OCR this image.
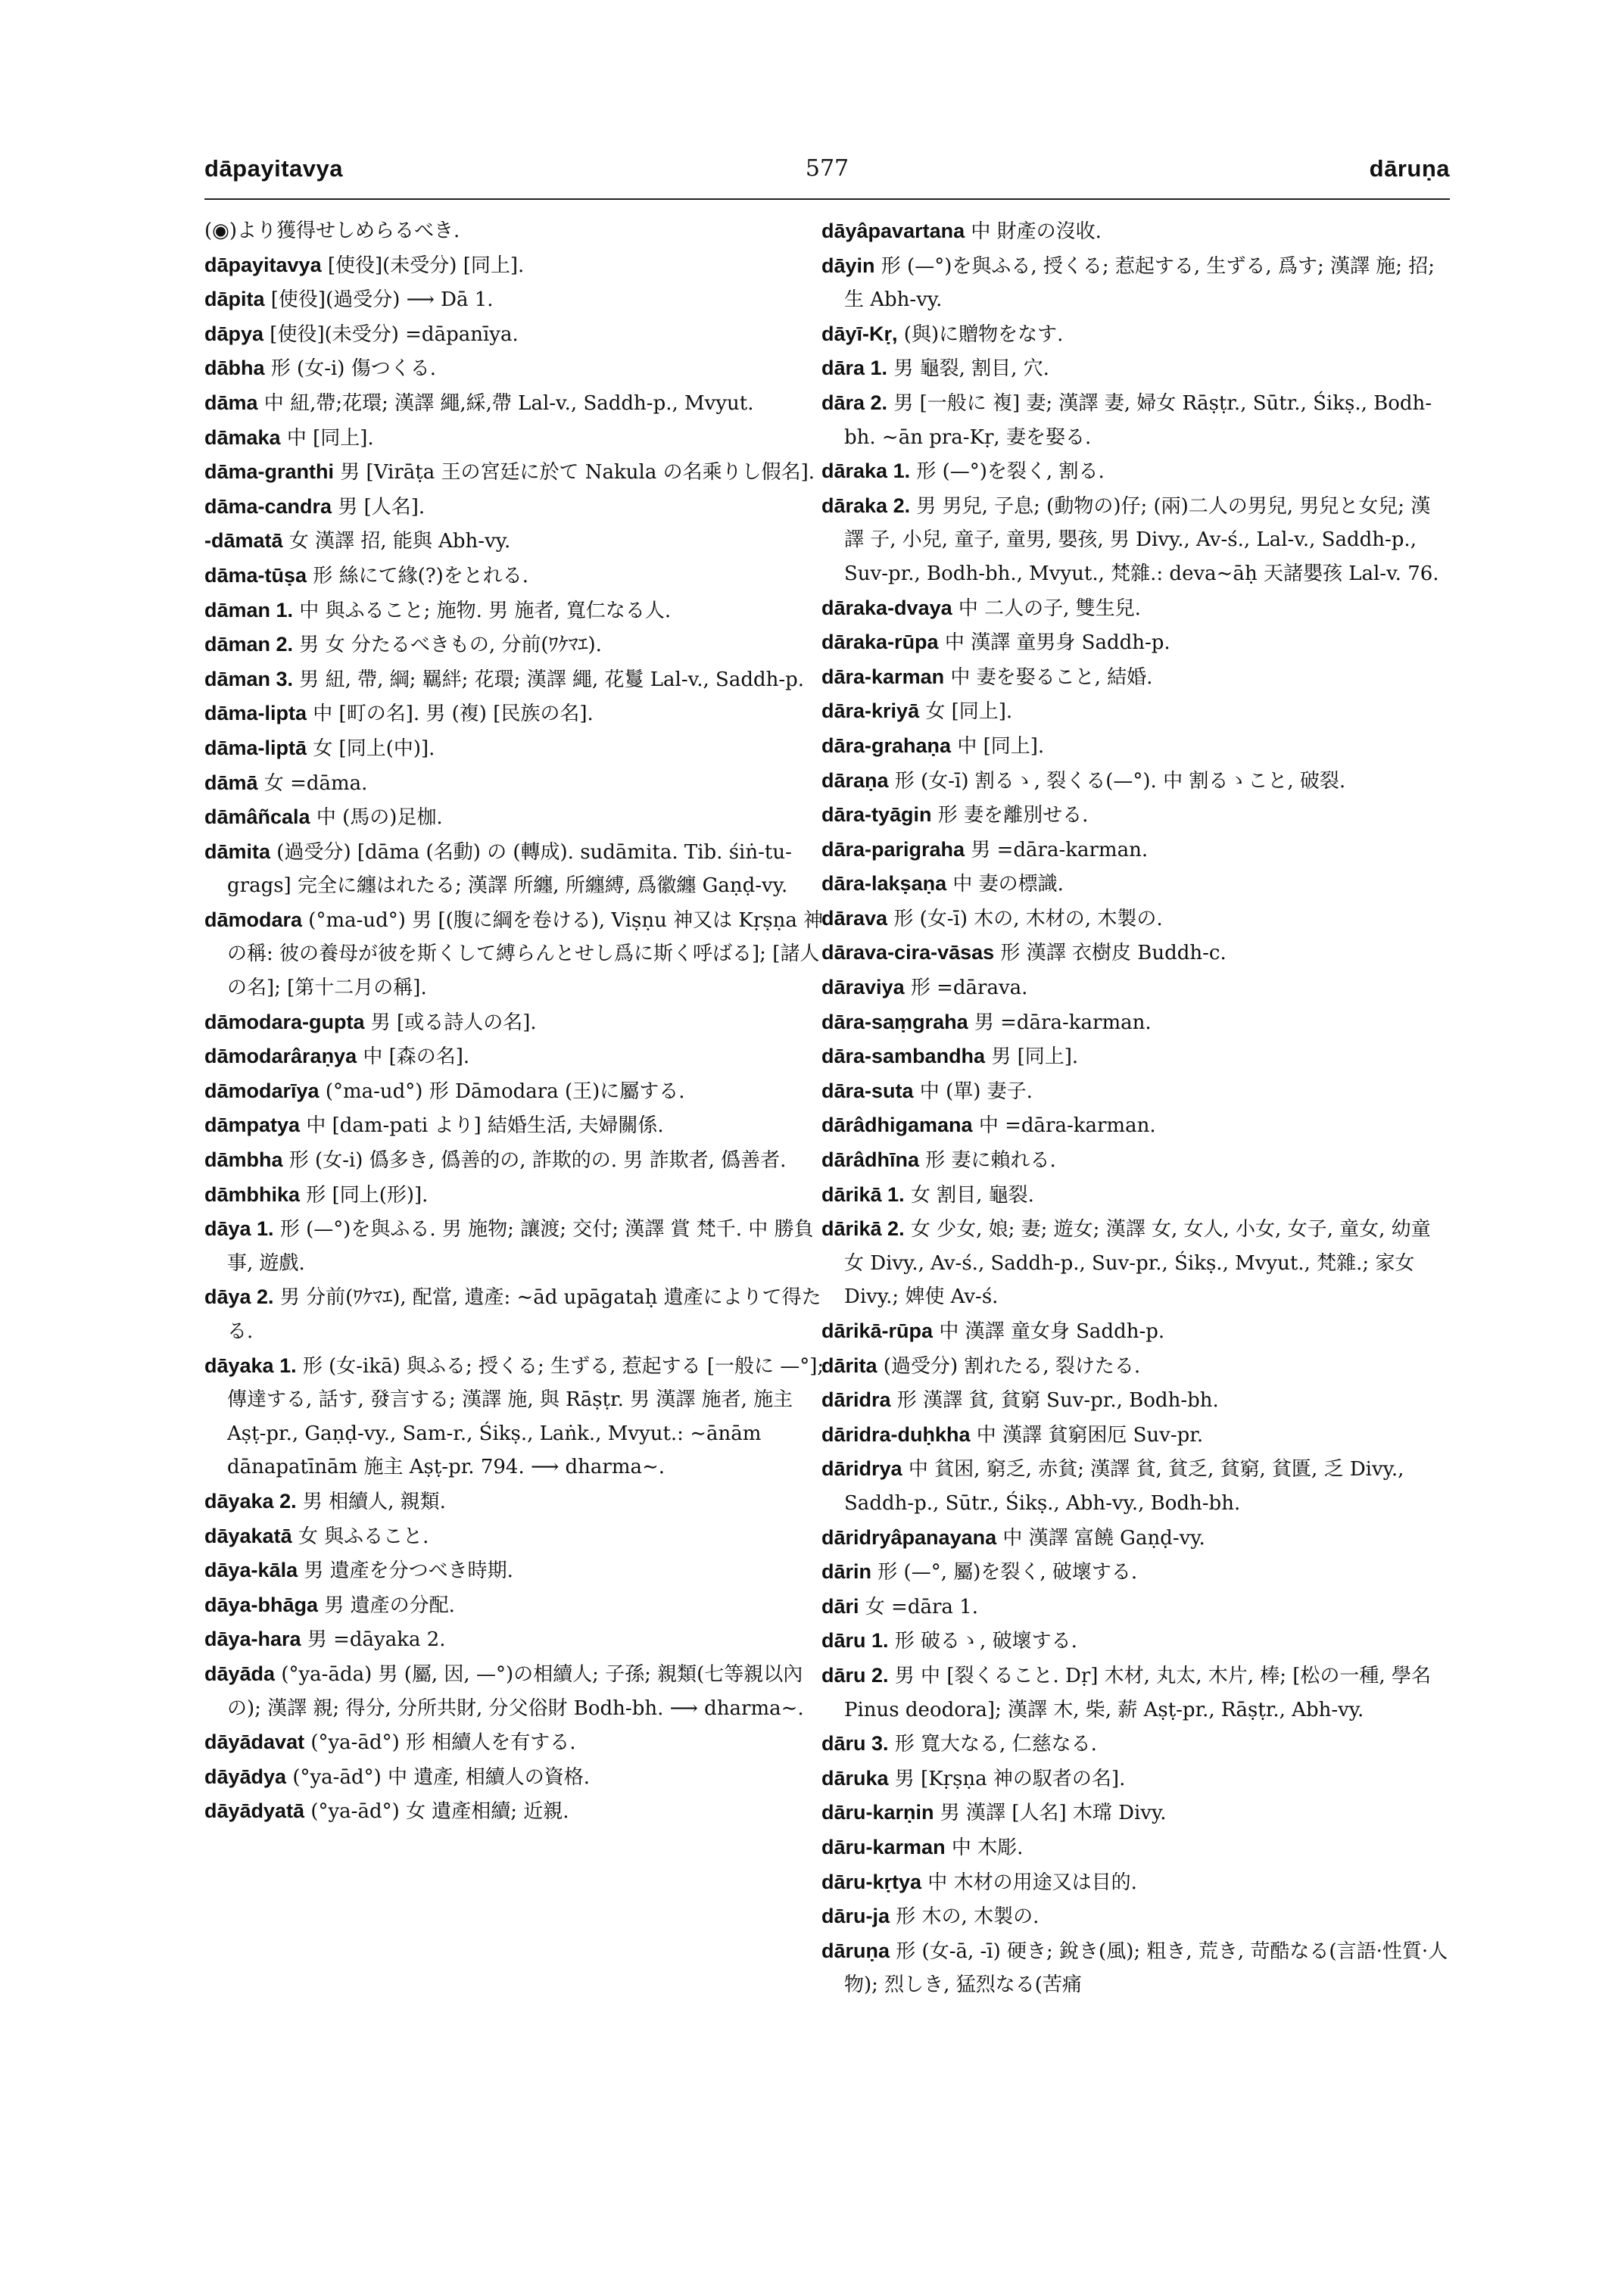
dāpayitavya	577	dāruṇa

(◉)より獲得せしめらるべき.

dāpayitavya [使役](未受分) [同上].

dāpita [使役](過受分) ⟶ Dā 1.

dāpya [使役](未受分) =dāpanīya.

dābha 形 (女-i) 傷つくる.

dāma 中 紐,帶;花環; 漢譯 繩,綵,帶 Lal-v., Saddh-p., Mvyut.

dāmaka 中 [同上].

dāma-granthi 男 [Virāṭa 王の宮廷に於て Nakula の名乘りし假名].

dāma-candra 男 [人名].

-dāmatā 女 漢譯 招, 能與 Abh-vy.

dāma-tūṣa 形 絲にて緣(?)をとれる.

dāman 1. 中 與ふること; 施物. 男 施者, 寬仁なる人.

dāman 2. 男 女 分たるべきもの, 分前(ﾜｹﾏｴ).

dāman 3. 男 紐, 帶, 綱; 羈絆; 花環; 漢譯 繩, 花鬘 Lal-v., Saddh-p.

dāma-lipta 中 [町の名]. 男 (複) [民族の名].

dāma-liptā 女 [同上(中)].

dāmā 女 =dāma.

dāmâñcala 中 (馬の)足枷.

dāmita (過受分) [dāma (名動) の (轉成). sudāmita. Tib. śiṅ-tu-grags] 完全に纏はれたる; 漢譯 所纏, 所纏縛, 爲徽纏 Gaṇḍ-vy.

dāmodara (°ma-ud°) 男 [(腹に綱を卷ける), Viṣṇu 神又は Kṛṣṇa 神の稱: 彼の養母が彼を斯くして縛らんとせし爲に斯く呼ばる]; [諸人の名]; [第十二月の稱].

dāmodara-gupta 男 [或る詩人の名].

dāmodarâraṇya 中 [森の名].

dāmodarīya (°ma-ud°) 形 Dāmodara (王)に屬する.

dāmpatya 中 [dam-pati より] 結婚生活, 夫婦關係.

dāmbha 形 (女-i) 僞多き, 僞善的の, 詐欺的の. 男 詐欺者, 僞善者.

dāmbhika 形 [同上(形)].

dāya 1. 形 (—°)を與ふる. 男 施物; 讓渡; 交付; 漢譯 賞 梵千. 中 勝負事, 遊戲.

dāya 2. 男 分前(ﾜｹﾏｴ), 配當, 遺產: ∼ād upāgataḥ 遺產によりて得たる.

dāyaka 1. 形 (女-ikā) 與ふる; 授くる; 生ずる, 惹起する [一般に —°]; 傳達する, 話す, 發言する; 漢譯 施, 與 Rāṣṭr. 男 漢譯 施者, 施主 Aṣṭ-pr., Gaṇḍ-vy., Sam-r., Śikṣ., Laṅk., Mvyut.: ∼ānām dānapatīnām 施主 Aṣṭ-pr. 794. ⟶ dharma∼.

dāyaka 2. 男 相續人, 親類.

dāyakatā 女 與ふること.

dāya-kāla 男 遺產を分つべき時期.

dāya-bhāga 男 遺產の分配.

dāya-hara 男 =dāyaka 2.

dāyāda (°ya-āda) 男 (屬, 因, —°)の相續人; 子孫; 親類(七等親以內の); 漢譯 親; 得分, 分所共財, 分父俗財 Bodh-bh. ⟶ dharma∼.

dāyādavat (°ya-ād°) 形 相續人を有する.

dāyādya (°ya-ād°) 中 遺產, 相續人の資格.

dāyādyatā (°ya-ād°) 女 遺產相續; 近親.

dāyâpavartana 中 財產の沒收.

dāyin 形 (—°)を與ふる, 授くる; 惹起する, 生ずる, 爲す; 漢譯 施; 招; 生 Abh-vy.

dāyī-Kṛ, (與)に贈物をなす.

dāra 1. 男 龜裂, 割目, 穴.

dāra 2. 男 [一般に 複] 妻; 漢譯 妻, 婦女 Rāṣṭr., Sūtr., Śikṣ., Bodh-bh. ∼ān pra-Kṛ, 妻を娶る.

dāraka 1. 形 (—°)を裂く, 割る.

dāraka 2. 男 男兒, 子息; (動物の)仔; (兩)二人の男兒, 男兒と女兒; 漢譯 子, 小兒, 童子, 童男, 嬰孩, 男 Divy., Av-ś., Lal-v., Saddh-p., Suv-pr., Bodh-bh., Mvyut., 梵雜.: deva∼āḥ 天諸嬰孩 Lal-v. 76.

dāraka-dvaya 中 二人の子, 雙生兒.

dāraka-rūpa 中 漢譯 童男身 Saddh-p.

dāra-karman 中 妻を娶ること, 結婚.

dāra-kriyā 女 [同上].

dāra-grahaṇa 中 [同上].

dāraṇa 形 (女-ī) 割るゝ, 裂くる(—°). 中 割るゝこと, 破裂.

dāra-tyāgin 形 妻を離別せる.

dāra-parigraha 男 =dāra-karman.

dāra-lakṣaṇa 中 妻の標識.

dārava 形 (女-ī) 木の, 木材の, 木製の.

dārava-cira-vāsas 形 漢譯 衣樹皮 Buddh-c.

dāraviya 形 =dārava.

dāra-saṃgraha 男 =dāra-karman.

dāra-sambandha 男 [同上].

dāra-suta 中 (單) 妻子.

dārâdhigamana 中 =dāra-karman.

dārâdhīna 形 妻に賴れる.

dārikā 1. 女 割目, 龜裂.

dārikā 2. 女 少女, 娘; 妻; 遊女; 漢譯 女, 女人, 小女, 女子, 童女, 幼童女 Divy., Av-ś., Saddh-p., Suv-pr., Śikṣ., Mvyut., 梵雜.; 家女 Divy.; 婢使 Av-ś.

dārikā-rūpa 中 漢譯 童女身 Saddh-p.

dārita (過受分) 割れたる, 裂けたる.

dāridra 形 漢譯 貧, 貧窮 Suv-pr., Bodh-bh.

dāridra-duḥkha 中 漢譯 貧窮困厄 Suv-pr.

dāridrya 中 貧困, 窮乏, 赤貧; 漢譯 貧, 貧乏, 貧窮, 貧匱, 乏 Divy., Saddh-p., Sūtr., Śikṣ., Abh-vy., Bodh-bh.

dāridryâpanayana 中 漢譯 富饒 Gaṇḍ-vy.

dārin 形 (—°, 屬)を裂く, 破壞する.

dāri 女 =dāra 1.

dāru 1. 形 破るゝ, 破壞する.

dāru 2. 男 中 [裂くること. Dṛ] 木材, 丸太, 木片, 棒; [松の一種, 學名 Pinus deodora]; 漢譯 木, 柴, 薪 Aṣṭ-pr., Rāṣṭr., Abh-vy.

dāru 3. 形 寬大なる, 仁慈なる.

dāruka 男 [Kṛṣṇa 神の馭者の名].

dāru-karṇin 男 漢譯 [人名] 木瑺 Divy.

dāru-karman 中 木彫.

dāru-kṛtya 中 木材の用途又は目的.

dāru-ja 形 木の, 木製の.

dāruṇa 形 (女-ā, -ī) 硬き; 銳き(風); 粗き, 荒き, 苛酷なる(言語·性質·人物); 烈しき, 猛烈なる(苦痛
